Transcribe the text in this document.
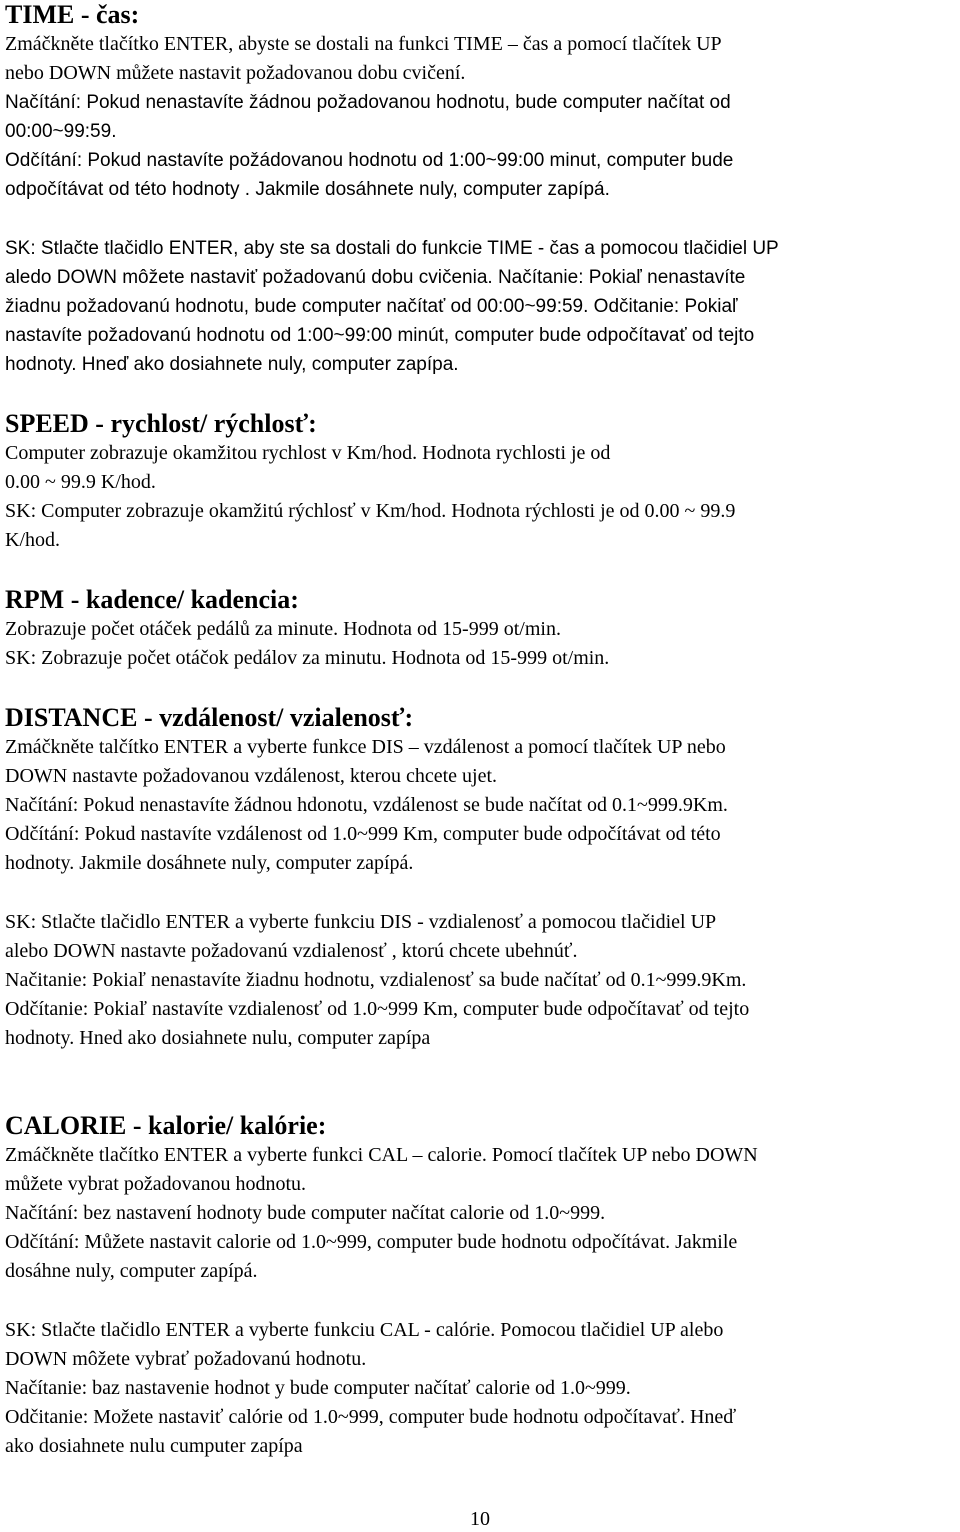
TIME - čas:
Zmáčkněte tlačítko ENTER, abyste se dostali na funkci TIME – čas a pomocí tlačítek UP
nebo DOWN můžete nastavit požadovanou dobu cvičení.
Načítání: Pokud nenastavíte žádnou požadovanou hodnotu, bude computer načítat od
00:00~99:59.
Odčítání: Pokud nastavíte požádovanou hodnotu od 1:00~99:00 minut, computer bude
odpočítávat od této hodnoty . Jakmile dosáhnete nuly, computer zapípá.
SK: Stlačte tlačidlo ENTER, aby ste sa dostali do funkcie TIME - čas a pomocou tlačidiel UP
aledo DOWN môžete nastaviť požadovanú dobu cvičenia. Načítanie: Pokiaľ nenastavíte
žiadnu požadovanú hodnotu, bude computer načítať od 00:00~99:59. Odčitanie: Pokiaľ
nastavíte požadovanú hodnotu od 1:00~99:00 minút, computer bude odpočítavať od tejto
hodnoty. Hneď ako dosiahnete nuly, computer zapípa.
SPEED - rychlost/ rýchlosť:
Computer zobrazuje okamžitou rychlost v Km/hod. Hodnota rychlosti je od
0.00 ~ 99.9 K/hod.
SK: Computer zobrazuje okamžitú rýchlosť v Km/hod. Hodnota rýchlosti je od 0.00 ~ 99.9
K/hod.
RPM - kadence/ kadencia:
Zobrazuje počet otáček pedálů za minute. Hodnota od 15-999 ot/min.
SK: Zobrazuje počet otáčok pedálov za minutu. Hodnota od 15-999 ot/min.
DISTANCE - vzdálenost/ vzialenosť:
Zmáčkněte talčítko ENTER a vyberte funkce DIS – vzdálenost a pomocí tlačítek UP nebo
DOWN nastavte požadovanou vzdálenost, kterou chcete ujet.
Načítání: Pokud nenastavíte žádnou hdonotu, vzdálenost se bude načítat od 0.1~999.9Km.
Odčítání: Pokud nastavíte vzdálenost od 1.0~999 Km, computer bude odpočítávat od této
hodnoty. Jakmile dosáhnete nuly, computer zapípá.
SK: Stlačte tlačidlo ENTER a vyberte funkciu DIS - vzdialenosť a pomocou tlačidiel UP
alebo DOWN nastavte požadovanú vzdialenosť , ktorú chcete ubehnúť.
Načitanie: Pokiaľ nenastavíte žiadnu hodnotu, vzdialenosť sa bude načítať od 0.1~999.9Km.
Odčítanie: Pokiaľ nastavíte vzdialenosť od 1.0~999 Km, computer bude odpočítavať od tejto
hodnoty. Hned ako dosiahnete nulu, computer zapípa
CALORIE - kalorie/ kalórie:
Zmáčkněte tlačítko ENTER a vyberte funkci CAL – calorie. Pomocí tlačítek UP nebo DOWN
můžete vybrat požadovanou hodnotu.
Načítání: bez nastavení hodnoty bude computer načítat calorie od 1.0~999.
Odčítání: Můžete nastavit calorie od 1.0~999, computer bude hodnotu odpočítávat. Jakmile
dosáhne nuly, computer zapípá.
SK: Stlačte tlačidlo ENTER a vyberte funkciu CAL - calórie. Pomocou tlačidiel UP alebo
DOWN môžete vybrať požadovanú hodnotu.
Načítanie: baz nastavenie hodnot y bude computer načítať calorie od 1.0~999.
Odčitanie: Možete nastaviť calórie od 1.0~999, computer bude hodnotu odpočítavať. Hneď
ako dosiahnete nulu cumputer zapípa
10
